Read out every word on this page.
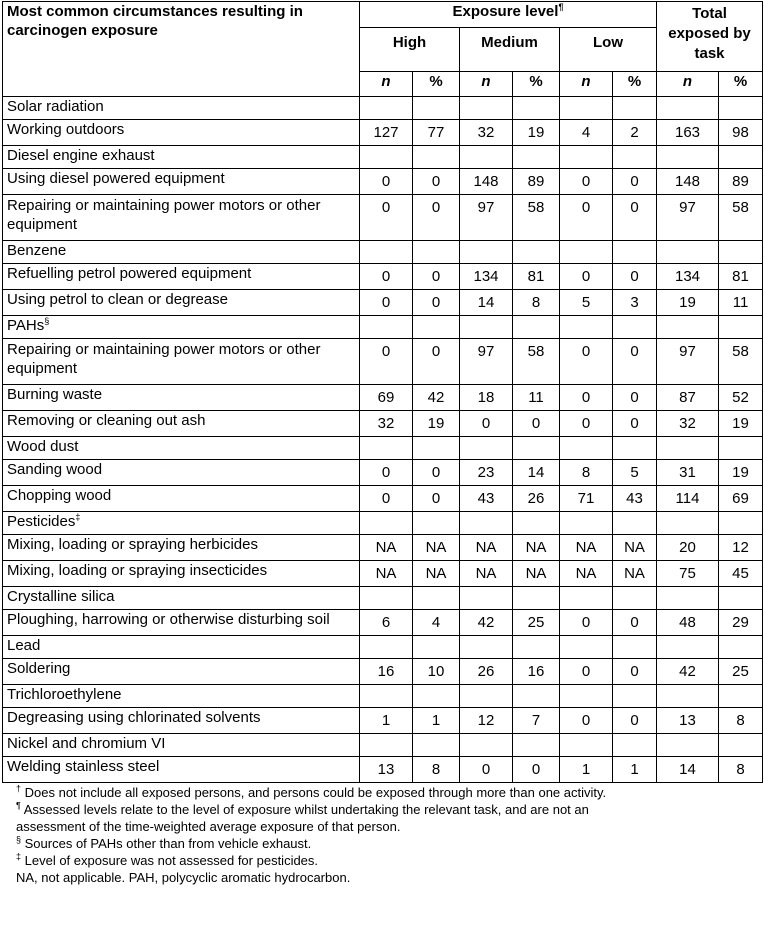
Most common circumstances resulting in carcinogen exposure	Exposure level¶						Total exposed by task	
	High		Medium		Low			
	n	%	n	%	n	%	n	%
Solar radiation								
Working outdoors	127	77	32	19	4	2	163	98
Diesel engine exhaust								
Using diesel powered equipment	0	0	148	89	0	0	148	89
Repairing or maintaining power motors or other equipment	0	0	97	58	0	0	97	58
Benzene								
Refuelling petrol powered equipment	0	0	134	81	0	0	134	81
Using petrol to clean or degrease	0	0	14	8	5	3	19	11
PAHs§								
Repairing or maintaining power motors or other equipment	0	0	97	58	0	0	97	58
Burning waste	69	42	18	11	0	0	87	52
Removing or cleaning out ash	32	19	0	0	0	0	32	19
Wood dust								
Sanding wood	0	0	23	14	8	5	31	19
Chopping wood	0	0	43	26	71	43	114	69
Pesticides‡								
Mixing, loading or spraying herbicides	NA	NA	NA	NA	NA	NA	20	12
Mixing, loading or spraying insecticides	NA	NA	NA	NA	NA	NA	75	45
Crystalline silica								
Ploughing, harrowing or otherwise disturbing soil	6	4	42	25	0	0	48	29
Lead								
Soldering	16	10	26	16	0	0	42	25
Trichloroethylene								
Degreasing using chlorinated solvents	1	1	12	7	0	0	13	8
Nickel and chromium VI								
Welding stainless steel	13	8	0	0	1	1	14	8
† Does not include all exposed persons, and persons could be exposed through more than one activity.
¶ Assessed levels relate to the level of exposure whilst undertaking the relevant task, and are not an
assessment of the time-weighted average exposure of that person.
§ Sources of PAHs other than from vehicle exhaust.
‡ Level of exposure was not assessed for pesticides.
NA, not applicable. PAH, polycyclic aromatic hydrocarbon.
